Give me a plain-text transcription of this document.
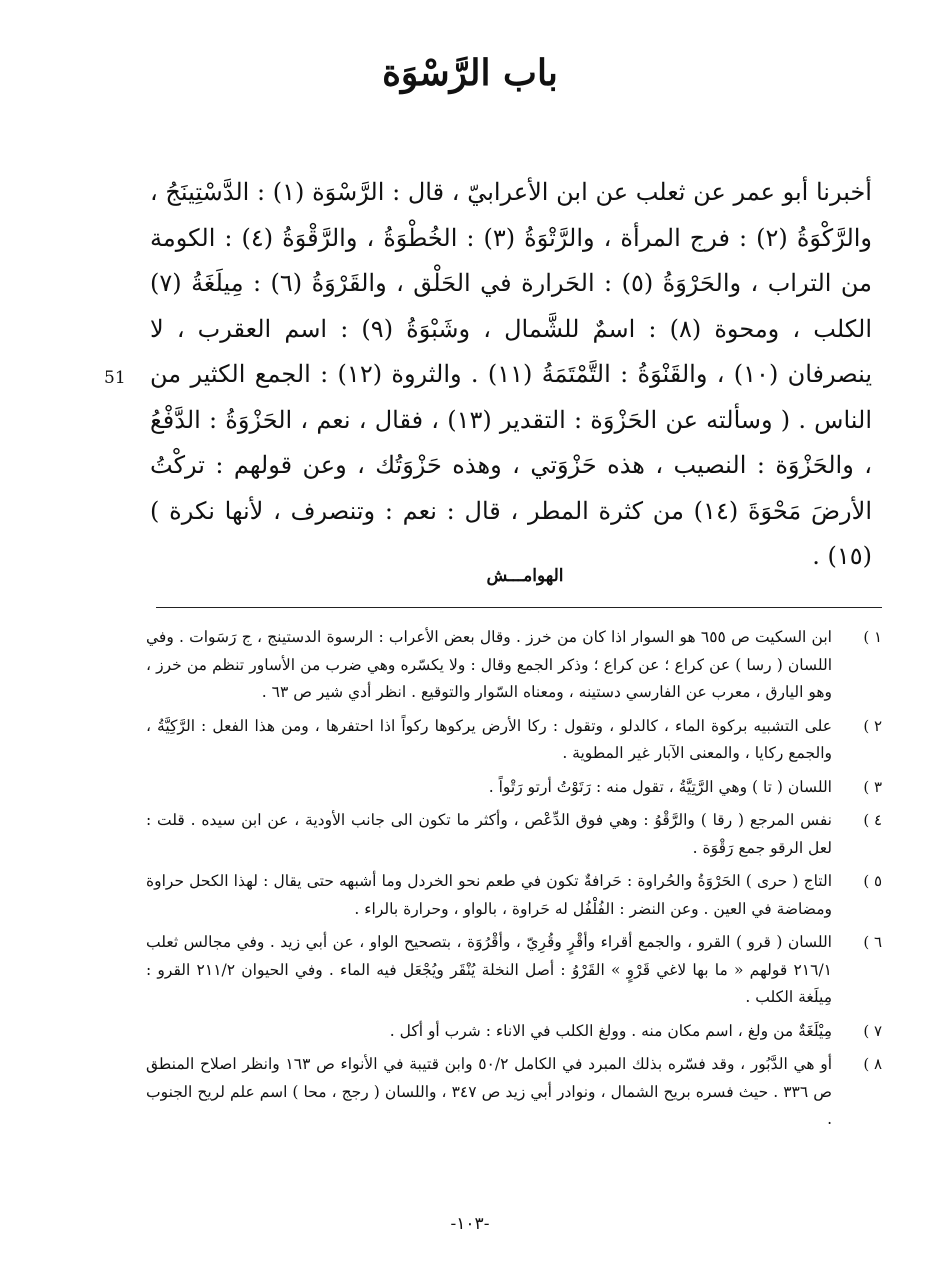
باب الرَّسْوَة

أخبرنا أبو عمر عن ثعلب عن ابن الأعرابيّ ، قال : الرَّسْوَة (١) : الدَّسْتِينَجُ ، والرَّكْوَةُ (٢) : فرج المرأة ، والرَّتْوَةُ (٣) : الخُطْوَةُ ، والرَّقْوَةُ (٤) : الكومة من التراب ، والحَرْوَةُ (٥) : الحَرارة في الحَلْق ، والقَرْوَةُ (٦) : مِيلَغَةُ (٧) الكلب ، ومحوة (٨) : اسمٌ للشَّمال ، وشَبْوَةُ (٩) : اسم العقرب ، لا ينصرفان (١٠) ، والقَنْوَةُ : التَّمْتَمَةُ (١١) . والثروة (١٢) : الجمع الكثير من الناس . ( وسألته عن الحَزْوَة : التقدير (١٣) ، فقال ، نعم ، الحَزْوَةُ : الدَّفْعُ ، والحَزْوَة : النصيب ، هذه حَزْوَتي ، وهذه حَزْوَتُك ، وعن قولهم : تركْتُ الأرضَ مَحْوَةَ (١٤) من كثرة المطر ، قال : نعم : وتنصرف ، لأنها نكرة ) (١٥) .

51
الهوامـــش
١ )
ابن السكيت ص ٦٥٥ هو السوار اذا كان من خرز . وقال بعض الأعراب : الرسوة الدستينج ، ج رَسَوات . وفي اللسان ( رسا ) عن كراع ؛ عن كراع ؛ وذكر الجمع وقال : ولا يكسّره وهي ضرب من الأساور تنظم من خرز ، وهو اليارق ، معرب عن الفارسي دستينه ، ومعناه السّوار والتوقيع . انظر أدي شير ص ٦٣ .
٢ )
على التشبيه بركوة الماء ، كالدلو ، وتقول : ركا الأرض يركوها ركواً اذا احتفرها ، ومن هذا الفعل : الرَّكِيَّةُ ، والجمع ركايا ، والمعنى الآبار غير المطوية .
٣ )
اللسان ( تا ) وهي الرَّتِيَّةُ ، تقول منه : رَتَوْتُ أرتو رَتْواً .
٤ )
نفس المرجع ( رقا ) والرَّقْوُ : وهي فوق الدِّعْص ، وأكثر ما تكون الى جانب الأودية ، عن ابن سيده . قلت : لعل الرقو جمع رَقْوَة .
٥ )
التاج ( حرى ) الحَرْوَةُ والحُراوة : حَرافةٌ تكون في طعم نحو الخردل وما أشبهه حتى يقال : لهذا الكحل حراوة ومضاضة في العين . وعن النضر : الفُلْفُل له حَراوة ، بالواو ، وحرارة بالراء .
٦ )
اللسان ( قرو ) القرو ، والجمع أقراء وأقْرٍ وقُرِيّ ، وأقْرُوَة ، بتصحيح الواو ، عن أبي زيد . وفي مجالس ثعلب ٢١٦/١ قولهم « ما بها لاغي قَرْوٍ » القَرْوُ : أصل النخلة يُنْقَر ويُجْعَل فيه الماء . وفي الحيوان ٢١١/٢ القرو : مِيلَغة الكلب .
٧ )
مِيْلَغَةٌ من ولغ ، اسم مكان منه . وولغ الكلب في الاناء : شرب أو أكل .
٨ )
أو هي الدَّبُور ، وقد فسّره بذلك المبرد في الكامل ٥٠/٢ وابن قتيبة في الأنواء ص ١٦٣ وانظر اصلاح المنطق ص ٣٣٦ . حيث فسره بريح الشمال ، ونوادر أبي زيد ص ٣٤٧ ، واللسان ( رجج ، محا ) اسم علم لريح الجنوب .
-١٠٣-
